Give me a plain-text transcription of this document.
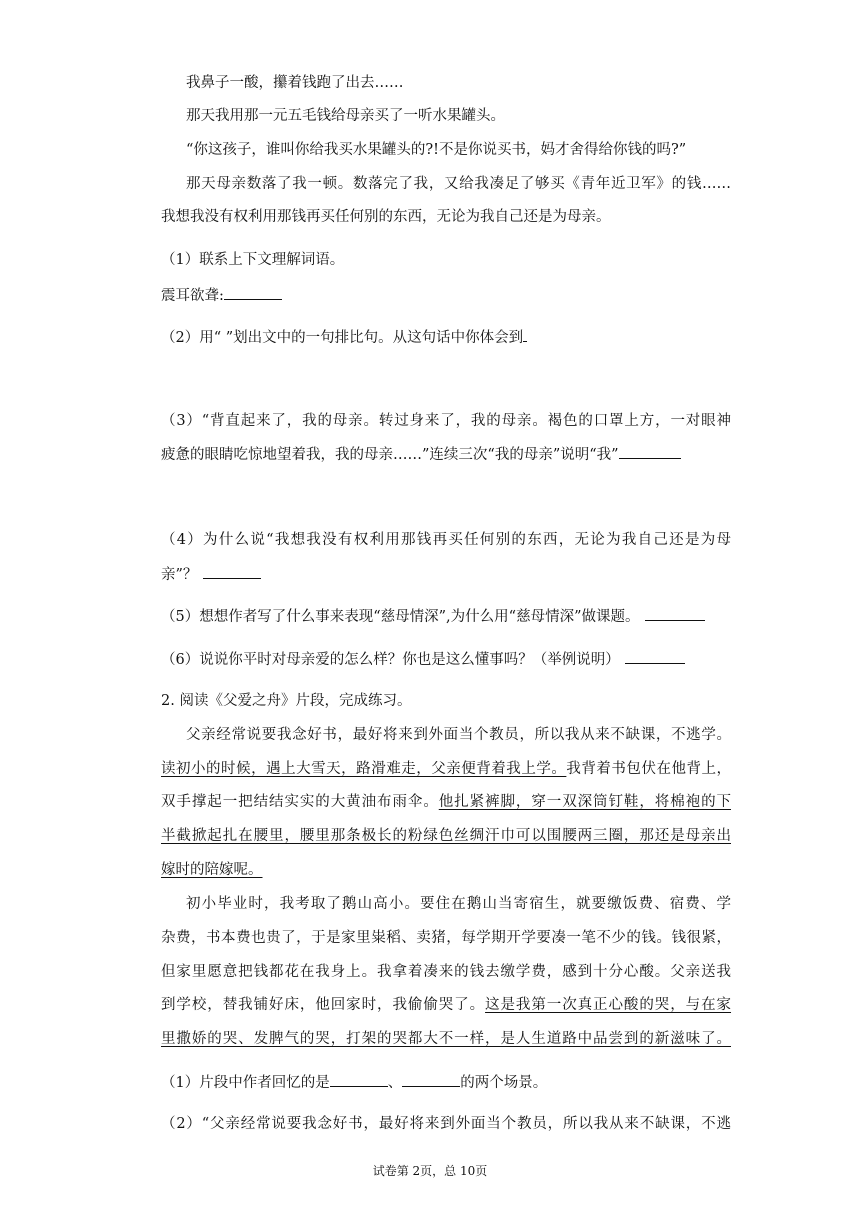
我鼻子一酸，攥着钱跑了出去……
那天我用那一元五毛钱给母亲买了一听水果罐头。
“你这孩子，谁叫你给我买水果罐头的?!不是你说买书，妈才舍得给你钱的吗?”
那天母亲数落了我一顿。数落完了我，又给我凑足了够买《青年近卫军》的钱……
我想我没有权利用那钱再买任何别的东西，无论为我自己还是为母亲。
（1）联系上下文理解词语。
震耳欲聋:
（2）用“ ”划出文中的一句排比句。从这句话中你体会到
（3）“背直起来了，我的母亲。转过身来了，我的母亲。褐色的口罩上方，一对眼神
疲惫的眼睛吃惊地望着我，我的母亲……”连续三次“我的母亲”说明“我”
（4）为什么说“我想我没有权利用那钱再买任何别的东西，无论为我自己还是为母
亲”？
（5）想想作者写了什么事来表现“慈母情深”,为什么用“慈母情深”做课题。
（6）说说你平时对母亲爱的怎么样？你也是这么懂事吗？（举例说明）
2. 阅读《父爱之舟》片段，完成练习。
父亲经常说要我念好书，最好将来到外面当个教员，所以我从来不缺课，不逃学。
读初小的时候，遇上大雪天，路滑难走，父亲便背着我上学。我背着书包伏在他背上，
双手撑起一把结结实实的大黄油布雨伞。他扎紧裤脚，穿一双深筒钉鞋，将棉袍的下
半截掀起扎在腰里，腰里那条极长的粉绿色丝绸汗巾可以围腰两三圈，那还是母亲出
嫁时的陪嫁呢。
初小毕业时，我考取了鹅山高小。要住在鹅山当寄宿生，就要缴饭费、宿费、学
杂费，书本费也贵了，于是家里粜稻、卖猪，每学期开学要凑一笔不少的钱。钱很紧，
但家里愿意把钱都花在我身上。我拿着凑来的钱去缴学费，感到十分心酸。父亲送我
到学校，替我铺好床，他回家时，我偷偷哭了。这是我第一次真正心酸的哭，与在家
里撒娇的哭、发脾气的哭，打架的哭都大不一样，是人生道路中品尝到的新滋味了。
（1）片段中作者回忆的是	、	的两个场景。
（2）“父亲经常说要我念好书，最好将来到外面当个教员，所以我从来不缺课，不逃
试卷第 2页，总 10页
